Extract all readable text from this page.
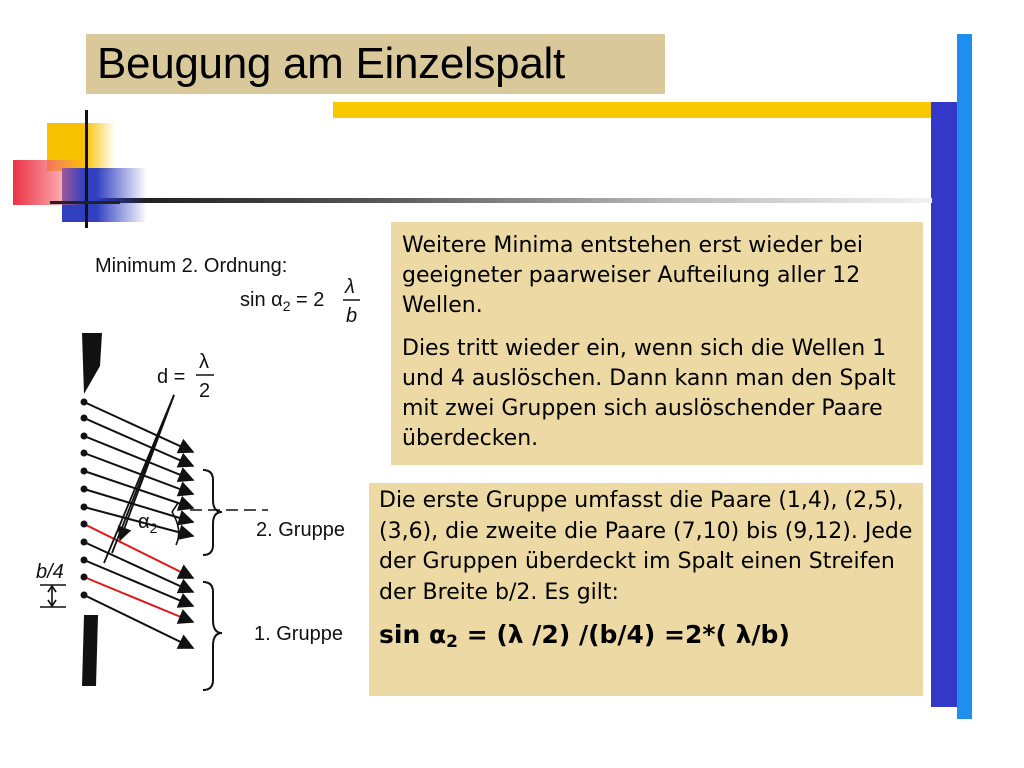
Beugung am Einzelspalt
Minimum 2. Ordnung:
$\sin \alpha_2 = 2$
λ
b
d =
λ
2
$\alpha_2$	2. Gruppe
1. Gruppe
b/4

Weitere Minima entstehen erst wieder bei geeigneter paarweiser Aufteilung aller 12 Wellen.

Dies tritt wieder ein, wenn sich die Wellen 1 und 4 auslöschen. Dann kann man den Spalt mit zwei Gruppen sich auslöschender Paare überdecken.

Die erste Gruppe umfasst die Paare (1,4), (2,5), (3,6), die zweite die Paare (7,10) bis (9,12). Jede der Gruppen überdeckt im Spalt einen Streifen der Breite b/2. Es gilt:

$\sin \alpha_2 = (\lambda$ /2) /(b/4) =2*( λ/b)
